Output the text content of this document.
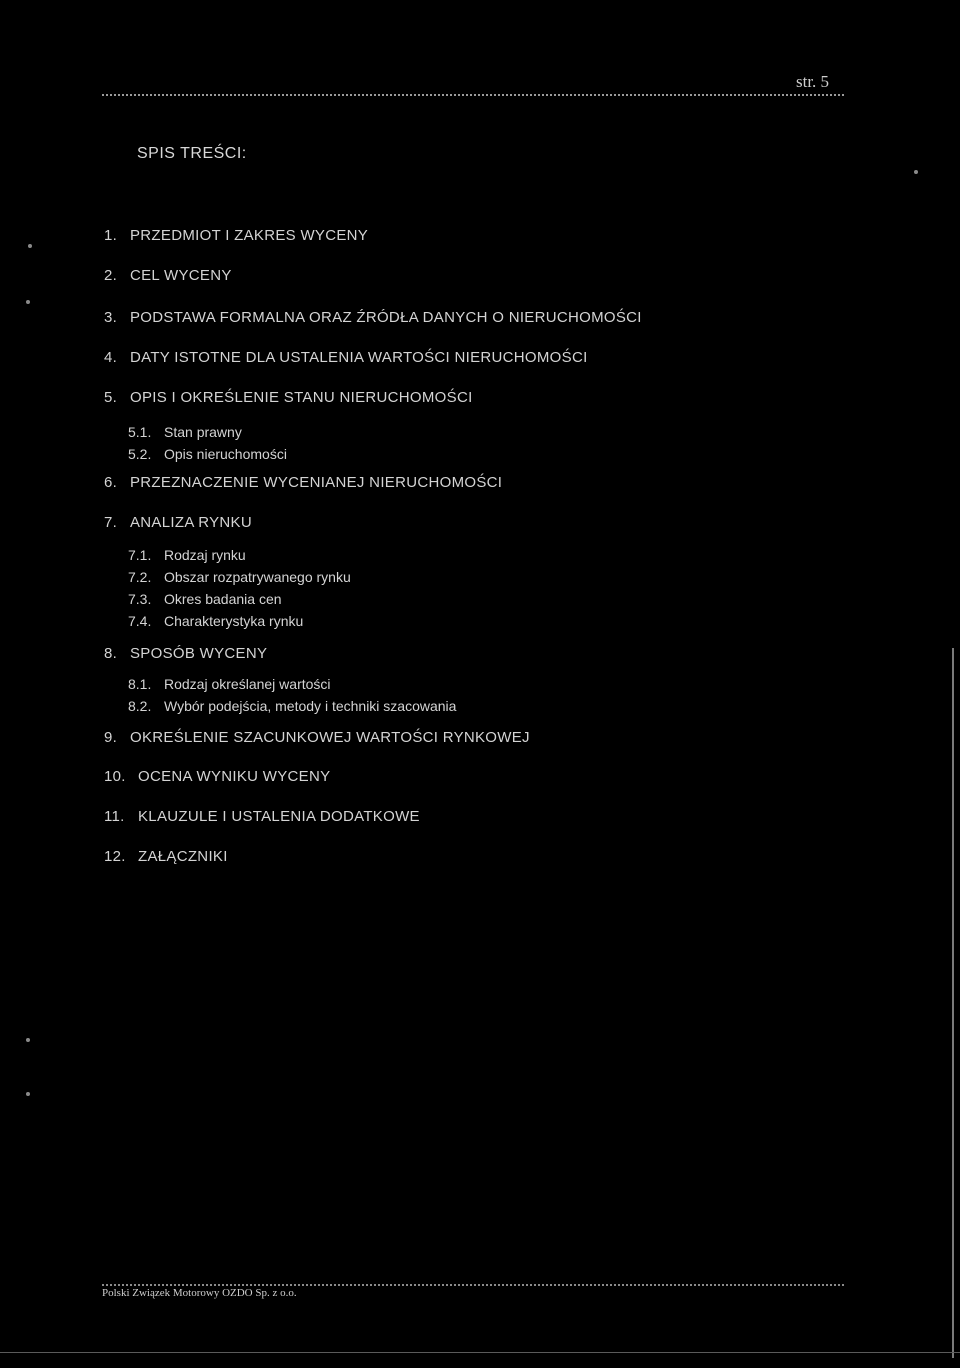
str. 5
SPIS TREŚCI:
1. PRZEDMIOT I ZAKRES WYCENY
2. CEL WYCENY
3. PODSTAWA FORMALNA ORAZ ŹRÓDŁA DANYCH O NIERUCHOMOŚCI
4. DATY ISTOTNE DLA USTALENIA WARTOŚCI NIERUCHOMOŚCI
5. OPIS I OKREŚLENIE STANU NIERUCHOMOŚCI
5.1. Stan prawny
5.2. Opis nieruchomości
6. PRZEZNACZENIE WYCENIANEJ NIERUCHOMOŚCI
7. ANALIZA RYNKU
7.1. Rodzaj rynku
7.2. Obszar rozpatrywanego rynku
7.3. Okres badania cen
7.4. Charakterystyka rynku
8. SPOSÓB WYCENY
8.1. Rodzaj określanej wartości
8.2. Wybór podejścia, metody i techniki szacowania
9. OKREŚLENIE SZACUNKOWEJ WARTOŚCI RYNKOWEJ
10. OCENA WYNIKU WYCENY
11. KLAUZULE I USTALENIA DODATKOWE
12. ZAŁĄCZNIKI
Polski Związek Motorowy OZDO Sp. z o.o.
